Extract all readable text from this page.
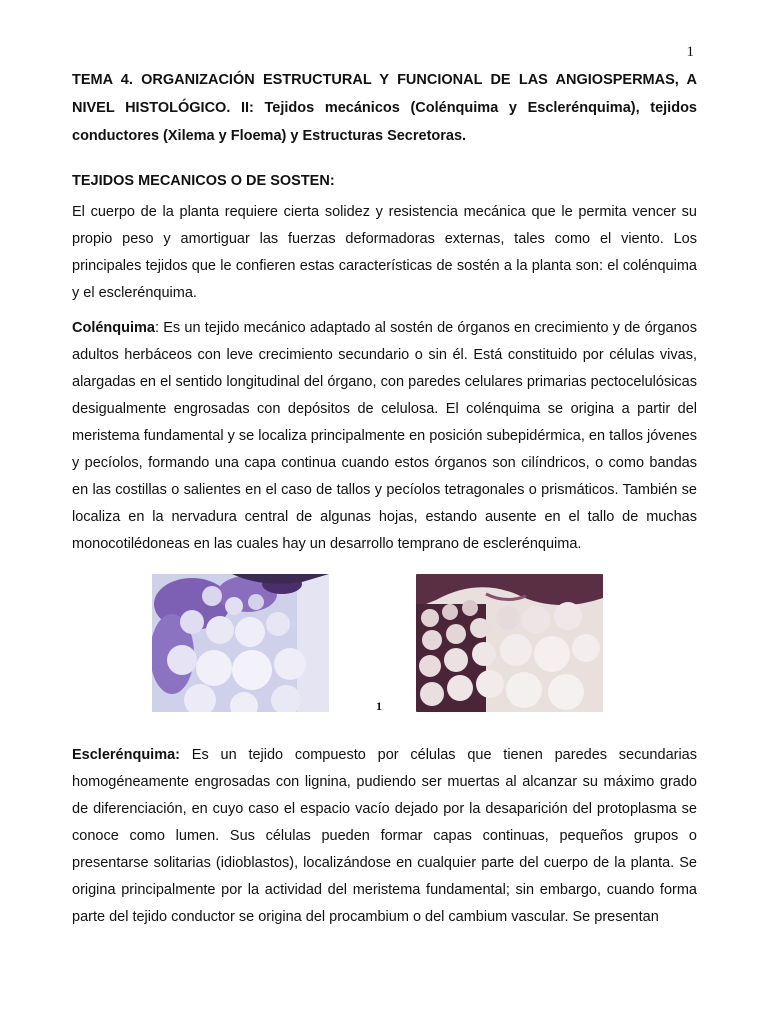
1

TEMA 4. ORGANIZACIÓN ESTRUCTURAL Y FUNCIONAL DE LAS ANGIOSPERMAS, A NIVEL HISTOLÓGICO. II: Tejidos mecánicos (Colénquima y Esclerénquima), tejidos conductores (Xilema y Floema) y Estructuras Secretoras.

TEJIDOS MECANICOS O DE SOSTEN:

El cuerpo de la planta requiere cierta solidez y resistencia mecánica que le permita vencer su propio peso y amortiguar las fuerzas deformadoras externas, tales como el viento. Los principales tejidos que le confieren estas características de sostén a la planta son: el colénquima y el esclerénquima.

Colénquima: Es un tejido mecánico adaptado al sostén de órganos en crecimiento y de órganos adultos herbáceos con leve crecimiento secundario o sin él. Está constituido por células vivas, alargadas en el sentido longitudinal del órgano, con paredes celulares primarias pectocelulósicas desigualmente engrosadas con depósitos de celulosa. El colénquima se origina a partir del meristema fundamental y se localiza principalmente en posición subepidérmica, en tallos jóvenes y pecíolos, formando una capa continua cuando estos órganos son cilíndricos, o como bandas en las costillas o salientes en el caso de tallos y pecíolos tetragonales o prismáticos. También se localiza en la nervadura central de algunas hojas, estando ausente en el tallo de muchas monocotilédoneas en las cuales hay un desarrollo temprano de esclerénquima.

1

Esclerénquima: Es un tejido compuesto por células que tienen paredes secundarias homogéneamente engrosadas con lignina, pudiendo ser muertas al alcanzar su máximo grado de diferenciación, en cuyo caso el espacio vacío dejado por la desaparición del protoplasma se conoce como lumen. Sus células pueden formar capas continuas, pequeños grupos o presentarse solitarias (idioblastos), localizándose en cualquier parte del cuerpo de la planta. Se origina principalmente por la actividad del meristema fundamental; sin embargo, cuando forma parte del tejido conductor se origina del procambium o del cambium vascular. Se presentan
